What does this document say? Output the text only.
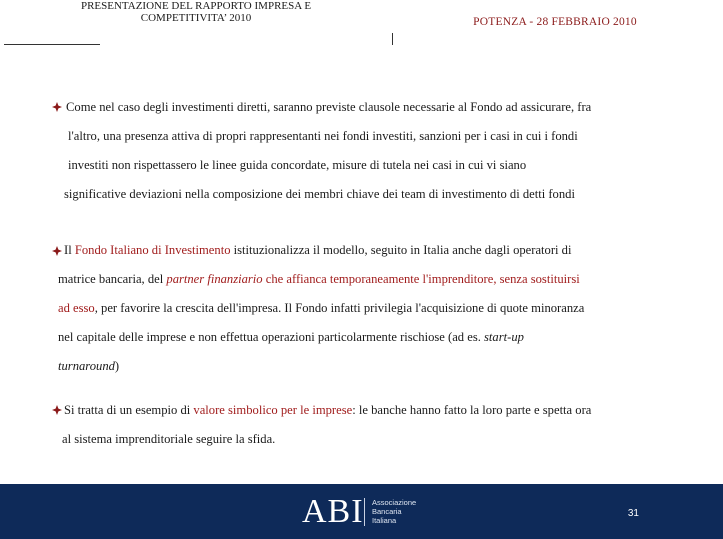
PRESENTAZIONE DEL RAPPORTO IMPRESA E
COMPETITIVITA’ 2010	POTENZA - 28 FEBBRAIO 2010
Come nel caso degli investimenti diretti, saranno previste clausole necessarie al Fondo ad assicurare, fra
l'altro, una presenza attiva di propri rappresentanti nei fondi investiti, sanzioni per i casi in cui i fondi
investiti non rispettassero le linee guida concordate, misure di tutela nei casi in cui vi siano
significative deviazioni nella composizione dei membri chiave dei team di investimento di detti fondi
Il Fondo Italiano di Investimento istituzionalizza il modello, seguito in Italia anche dagli operatori di
matrice bancaria, del partner finanziario che affianca temporaneamente l'imprenditore, senza sostituirsi
ad esso, per favorire la crescita dell'impresa. Il Fondo infatti privilegia l'acquisizione di quote minoranza
nel capitale delle imprese e non effettua operazioni particolarmente rischiose (ad es. start-up
turnaround)
Si tratta di un esempio di valore simbolico per le imprese: le banche hanno fatto la loro parte e spetta ora
al sistema imprenditoriale seguire la sfida.
ABI Associazione
Bancaria
Italiana
31
